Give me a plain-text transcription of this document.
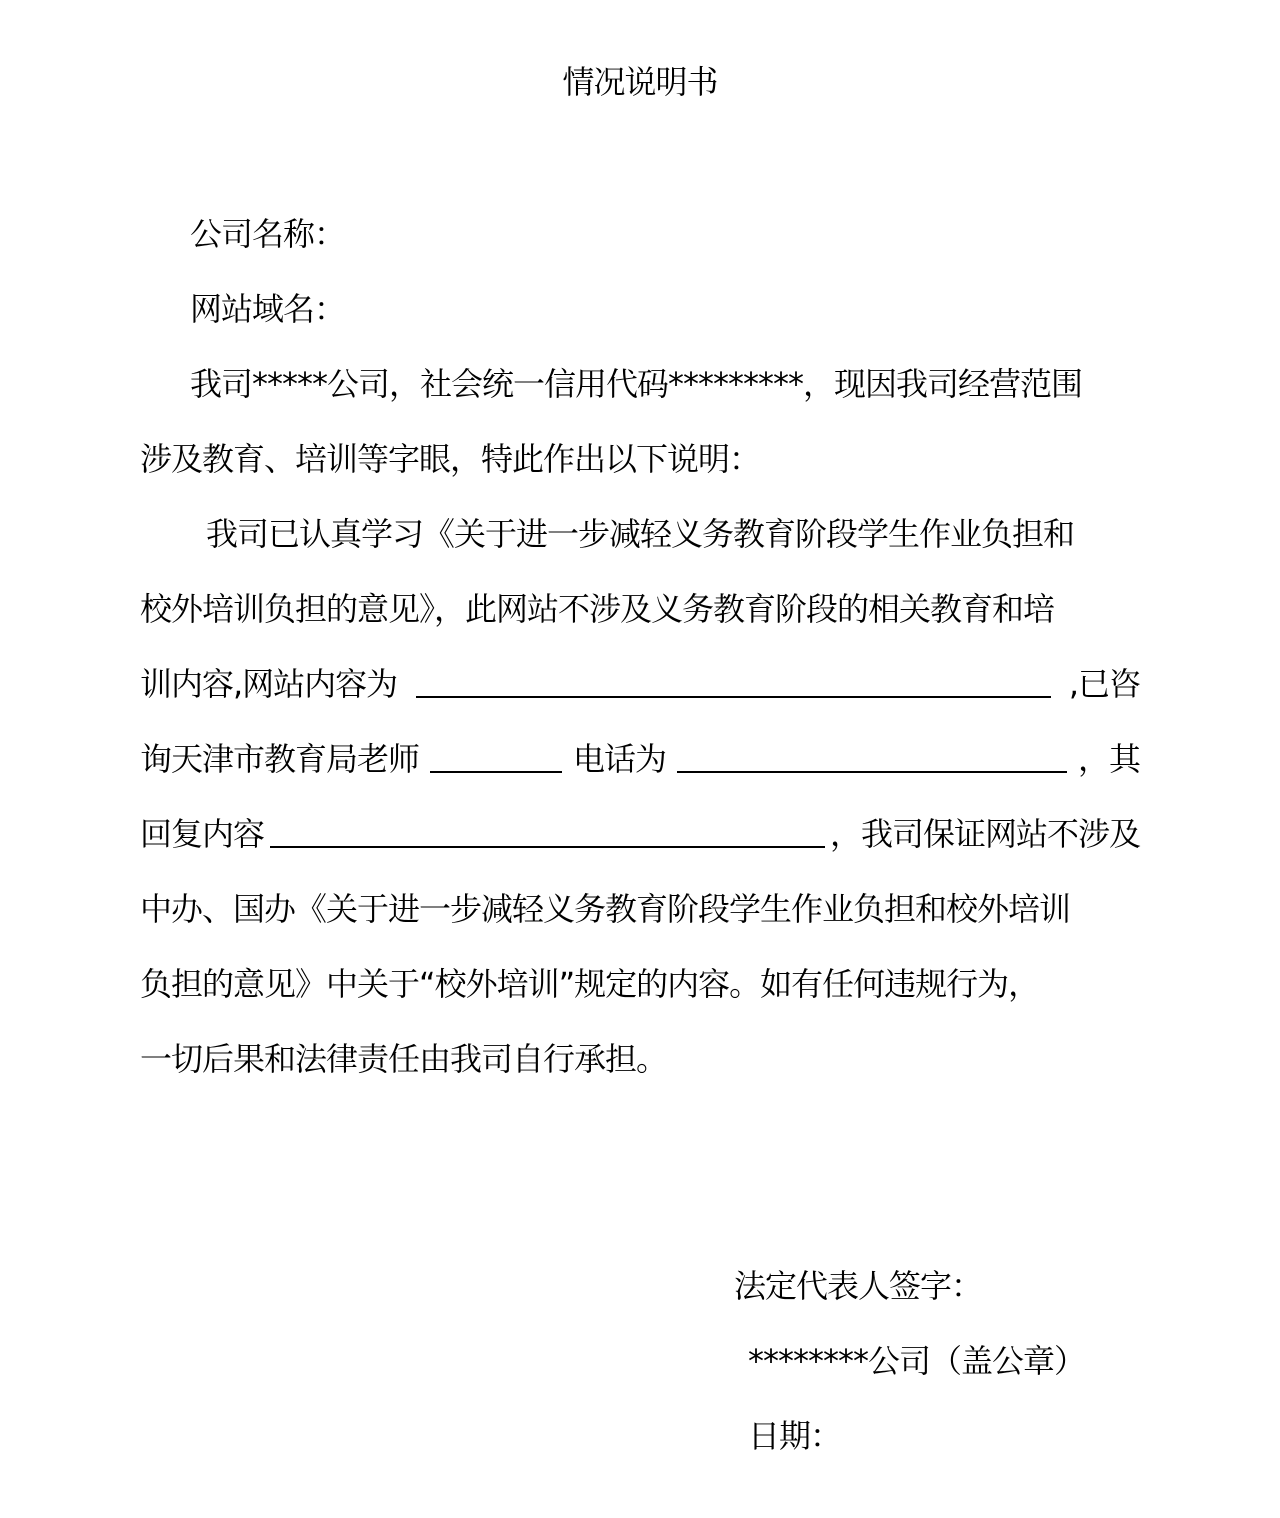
情况说明书
公司名称：
网站域名：
我司*****公司，社会统一信用代码*********，现因我司经营范围
涉及教育、培训等字眼，特此作出以下说明：
我司已认真学习《关于进一步减轻义务教育阶段学生作业负担和
校外培训负担的意见》，此网站不涉及义务教育阶段的相关教育和培
训内容,网站内容为	,已咨
询天津市教育局老师	电话为	，其
回复内容	，我司保证网站不涉及
中办、国办《关于进一步减轻义务教育阶段学生作业负担和校外培训
负担的意见》中关于“校外培训”规定的内容。如有任何违规行为，
一切后果和法律责任由我司自行承担。
法定代表人签字：
********公司（盖公章）
日期：
